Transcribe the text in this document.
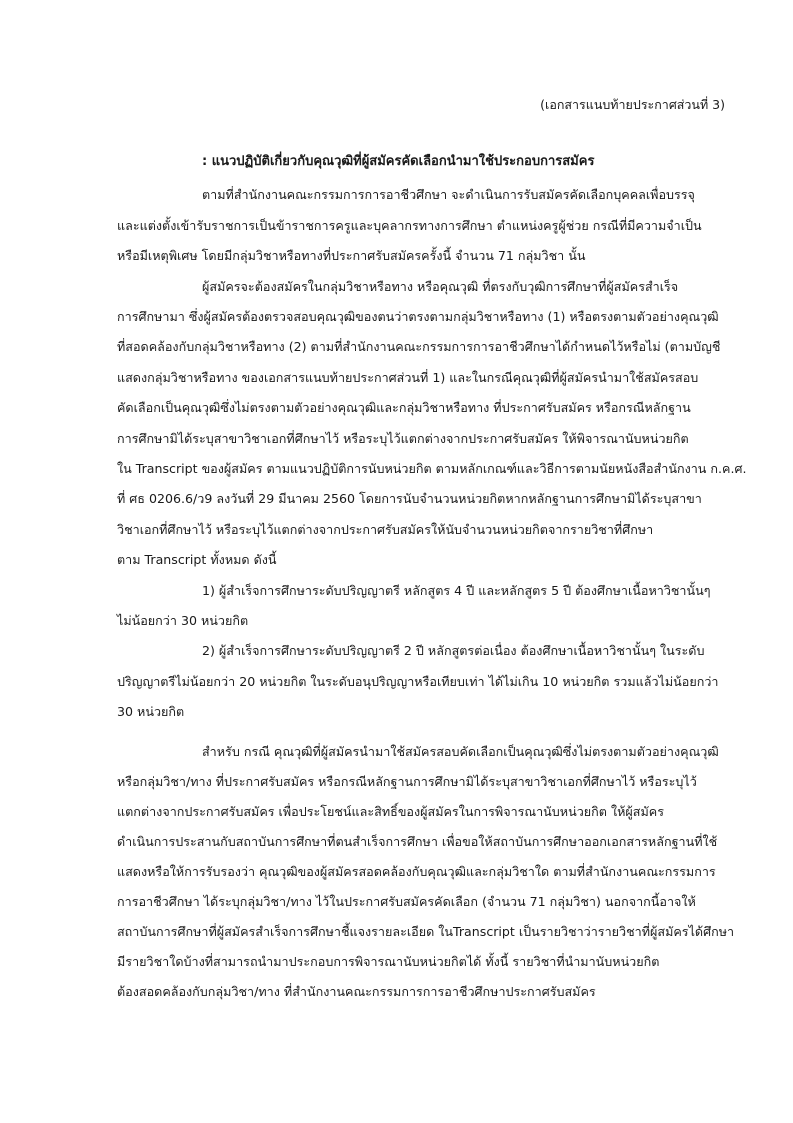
(เอกสารแนบท้ายประกาศส่วนที่ 3)
: แนวปฏิบัติเกี่ยวกับคุณวุฒิที่ผู้สมัครคัดเลือกนำมาใช้ประกอบการสมัคร
ตามที่สำนักงานคณะกรรมการการอาชีวศึกษา จะดำเนินการรับสมัครคัดเลือกบุคคลเพื่อบรรจุ
และแต่งตั้งเข้ารับราชการเป็นข้าราชการครูและบุคลากรทางการศึกษา ตำแหน่งครูผู้ช่วย กรณีที่มีความจำเป็น
หรือมีเหตุพิเศษ โดยมีกลุ่มวิชาหรือทางที่ประกาศรับสมัครครั้งนี้ จำนวน 71 กลุ่มวิชา นั้น
ผู้สมัครจะต้องสมัครในกลุ่มวิชาหรือทาง หรือคุณวุฒิ ที่ตรงกับวุฒิการศึกษาที่ผู้สมัครสำเร็จ
การศึกษามา ซึ่งผู้สมัครต้องตรวจสอบคุณวุฒิของตนว่าตรงตามกลุ่มวิชาหรือทาง (1) หรือตรงตามตัวอย่างคุณวุฒิ
ที่สอดคล้องกับกลุ่มวิชาหรือทาง (2) ตามที่สำนักงานคณะกรรมการการอาชีวศึกษาได้กำหนดไว้หรือไม่ (ตามบัญชี
แสดงกลุ่มวิชาหรือทาง ของเอกสารแนบท้ายประกาศส่วนที่ 1) และในกรณีคุณวุฒิที่ผู้สมัครนำมาใช้สมัครสอบ
คัดเลือกเป็นคุณวุฒิซึ่งไม่ตรงตามตัวอย่างคุณวุฒิและกลุ่มวิชาหรือทาง ที่ประกาศรับสมัคร หรือกรณีหลักฐาน
การศึกษามิได้ระบุสาขาวิชาเอกที่ศึกษาไว้ หรือระบุไว้แตกต่างจากประกาศรับสมัคร ให้พิจารณานับหน่วยกิต
ใน Transcript ของผู้สมัคร ตามแนวปฏิบัติการนับหน่วยกิต ตามหลักเกณฑ์และวิธีการตามนัยหนังสือสำนักงาน ก.ค.ศ.
ที่ ศธ 0206.6/ว9 ลงวันที่ 29 มีนาคม 2560 โดยการนับจำนวนหน่วยกิตหากหลักฐานการศึกษามิได้ระบุสาขา
วิชาเอกที่ศึกษาไว้ หรือระบุไว้แตกต่างจากประกาศรับสมัครให้นับจำนวนหน่วยกิตจากรายวิชาที่ศึกษา
ตาม Transcript ทั้งหมด ดังนี้
1) ผู้สำเร็จการศึกษาระดับปริญญาตรี หลักสูตร 4 ปี และหลักสูตร 5 ปี ต้องศึกษาเนื้อหาวิชานั้นๆ
ไม่น้อยกว่า 30 หน่วยกิต
2) ผู้สำเร็จการศึกษาระดับปริญญาตรี 2 ปี หลักสูตรต่อเนื่อง ต้องศึกษาเนื้อหาวิชานั้นๆ ในระดับ
ปริญญาตรีไม่น้อยกว่า 20 หน่วยกิต ในระดับอนุปริญญาหรือเทียบเท่า ได้ไม่เกิน 10 หน่วยกิต รวมแล้วไม่น้อยกว่า
30 หน่วยกิต
สำหรับ กรณี คุณวุฒิที่ผู้สมัครนำมาใช้สมัครสอบคัดเลือกเป็นคุณวุฒิซึ่งไม่ตรงตามตัวอย่างคุณวุฒิ
หรือกลุ่มวิชา/ทาง ที่ประกาศรับสมัคร หรือกรณีหลักฐานการศึกษามิได้ระบุสาขาวิชาเอกที่ศึกษาไว้ หรือระบุไว้
แตกต่างจากประกาศรับสมัคร เพื่อประโยชน์และสิทธิ์ของผู้สมัครในการพิจารณานับหน่วยกิต ให้ผู้สมัคร
ดำเนินการประสานกับสถาบันการศึกษาที่ตนสำเร็จการศึกษา เพื่อขอให้สถาบันการศึกษาออกเอกสารหลักฐานที่ใช้
แสดงหรือให้การรับรองว่า คุณวุฒิของผู้สมัครสอดคล้องกับคุณวุฒิและกลุ่มวิชาใด ตามที่สำนักงานคณะกรรมการ
การอาชีวศึกษา ได้ระบุกลุ่มวิชา/ทาง ไว้ในประกาศรับสมัครคัดเลือก (จำนวน 71 กลุ่มวิชา) นอกจากนี้อาจให้
สถาบันการศึกษาที่ผู้สมัครสำเร็จการศึกษาชี้แจงรายละเอียด ในTranscript เป็นรายวิชาว่ารายวิชาที่ผู้สมัครได้ศึกษา
มีรายวิชาใดบ้างที่สามารถนำมาประกอบการพิจารณานับหน่วยกิตได้ ทั้งนี้ รายวิชาที่นำมานับหน่วยกิต
ต้องสอดคล้องกับกลุ่มวิชา/ทาง ที่สำนักงานคณะกรรมการการอาชีวศึกษาประกาศรับสมัคร
